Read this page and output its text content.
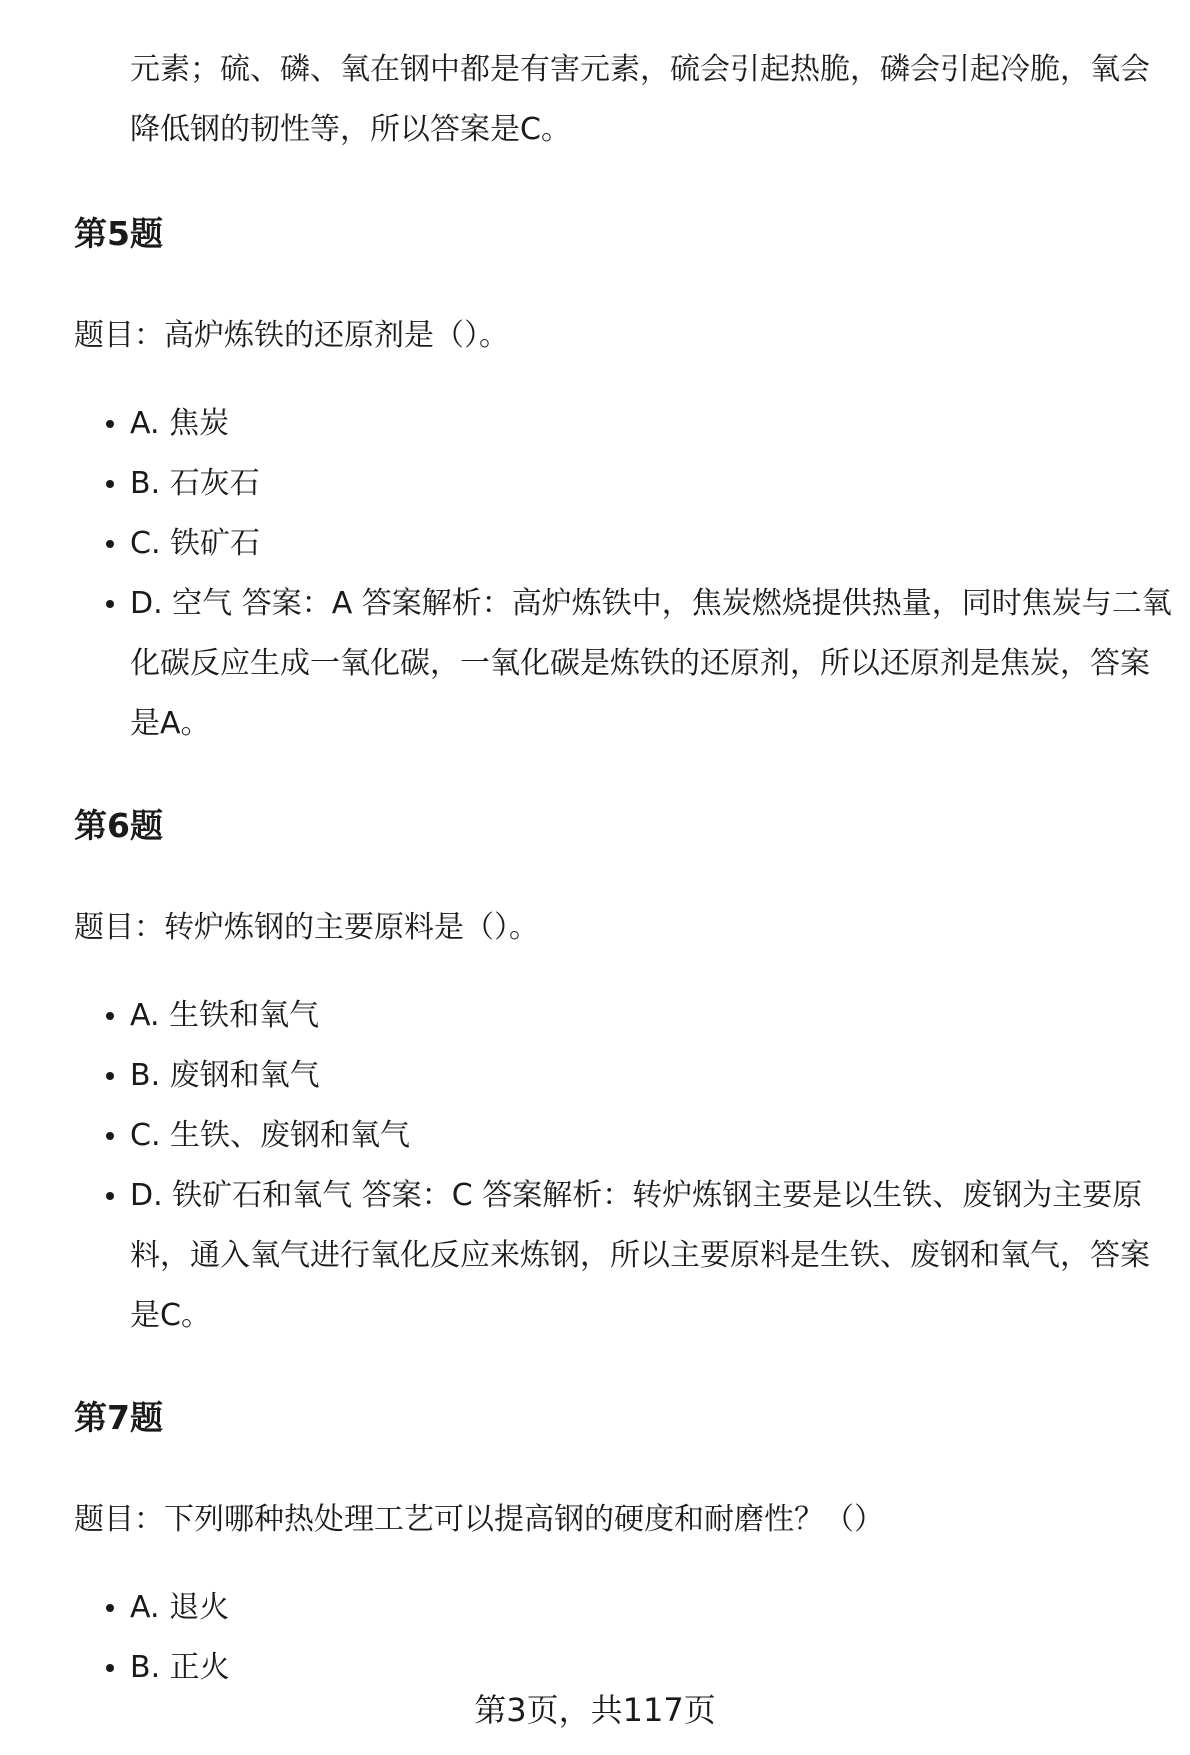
元素；硫、磷、氧在钢中都是有害元素，硫会引起热脆，磷会引起冷脆，氧会
降低钢的韧性等，所以答案是C。

第5题

题目：高炉炼铁的还原剂是（）。

A. 焦炭
B. 石灰石
C. 铁矿石
D. 空气 答案：A 答案解析：高炉炼铁中，焦炭燃烧提供热量，同时焦炭与二氧化碳反应生成一氧化碳，一氧化碳是炼铁的还原剂，所以还原剂是焦炭，答案是A。
第6题

题目：转炉炼钢的主要原料是（）。

A. 生铁和氧气
B. 废钢和氧气
C. 生铁、废钢和氧气
D. 铁矿石和氧气 答案：C 答案解析：转炉炼钢主要是以生铁、废钢为主要原料，通入氧气进行氧化反应来炼钢，所以主要原料是生铁、废钢和氧气，答案是C。
第7题

题目：下列哪种热处理工艺可以提高钢的硬度和耐磨性？（）

A. 退火
B. 正火
第3页，共117页
